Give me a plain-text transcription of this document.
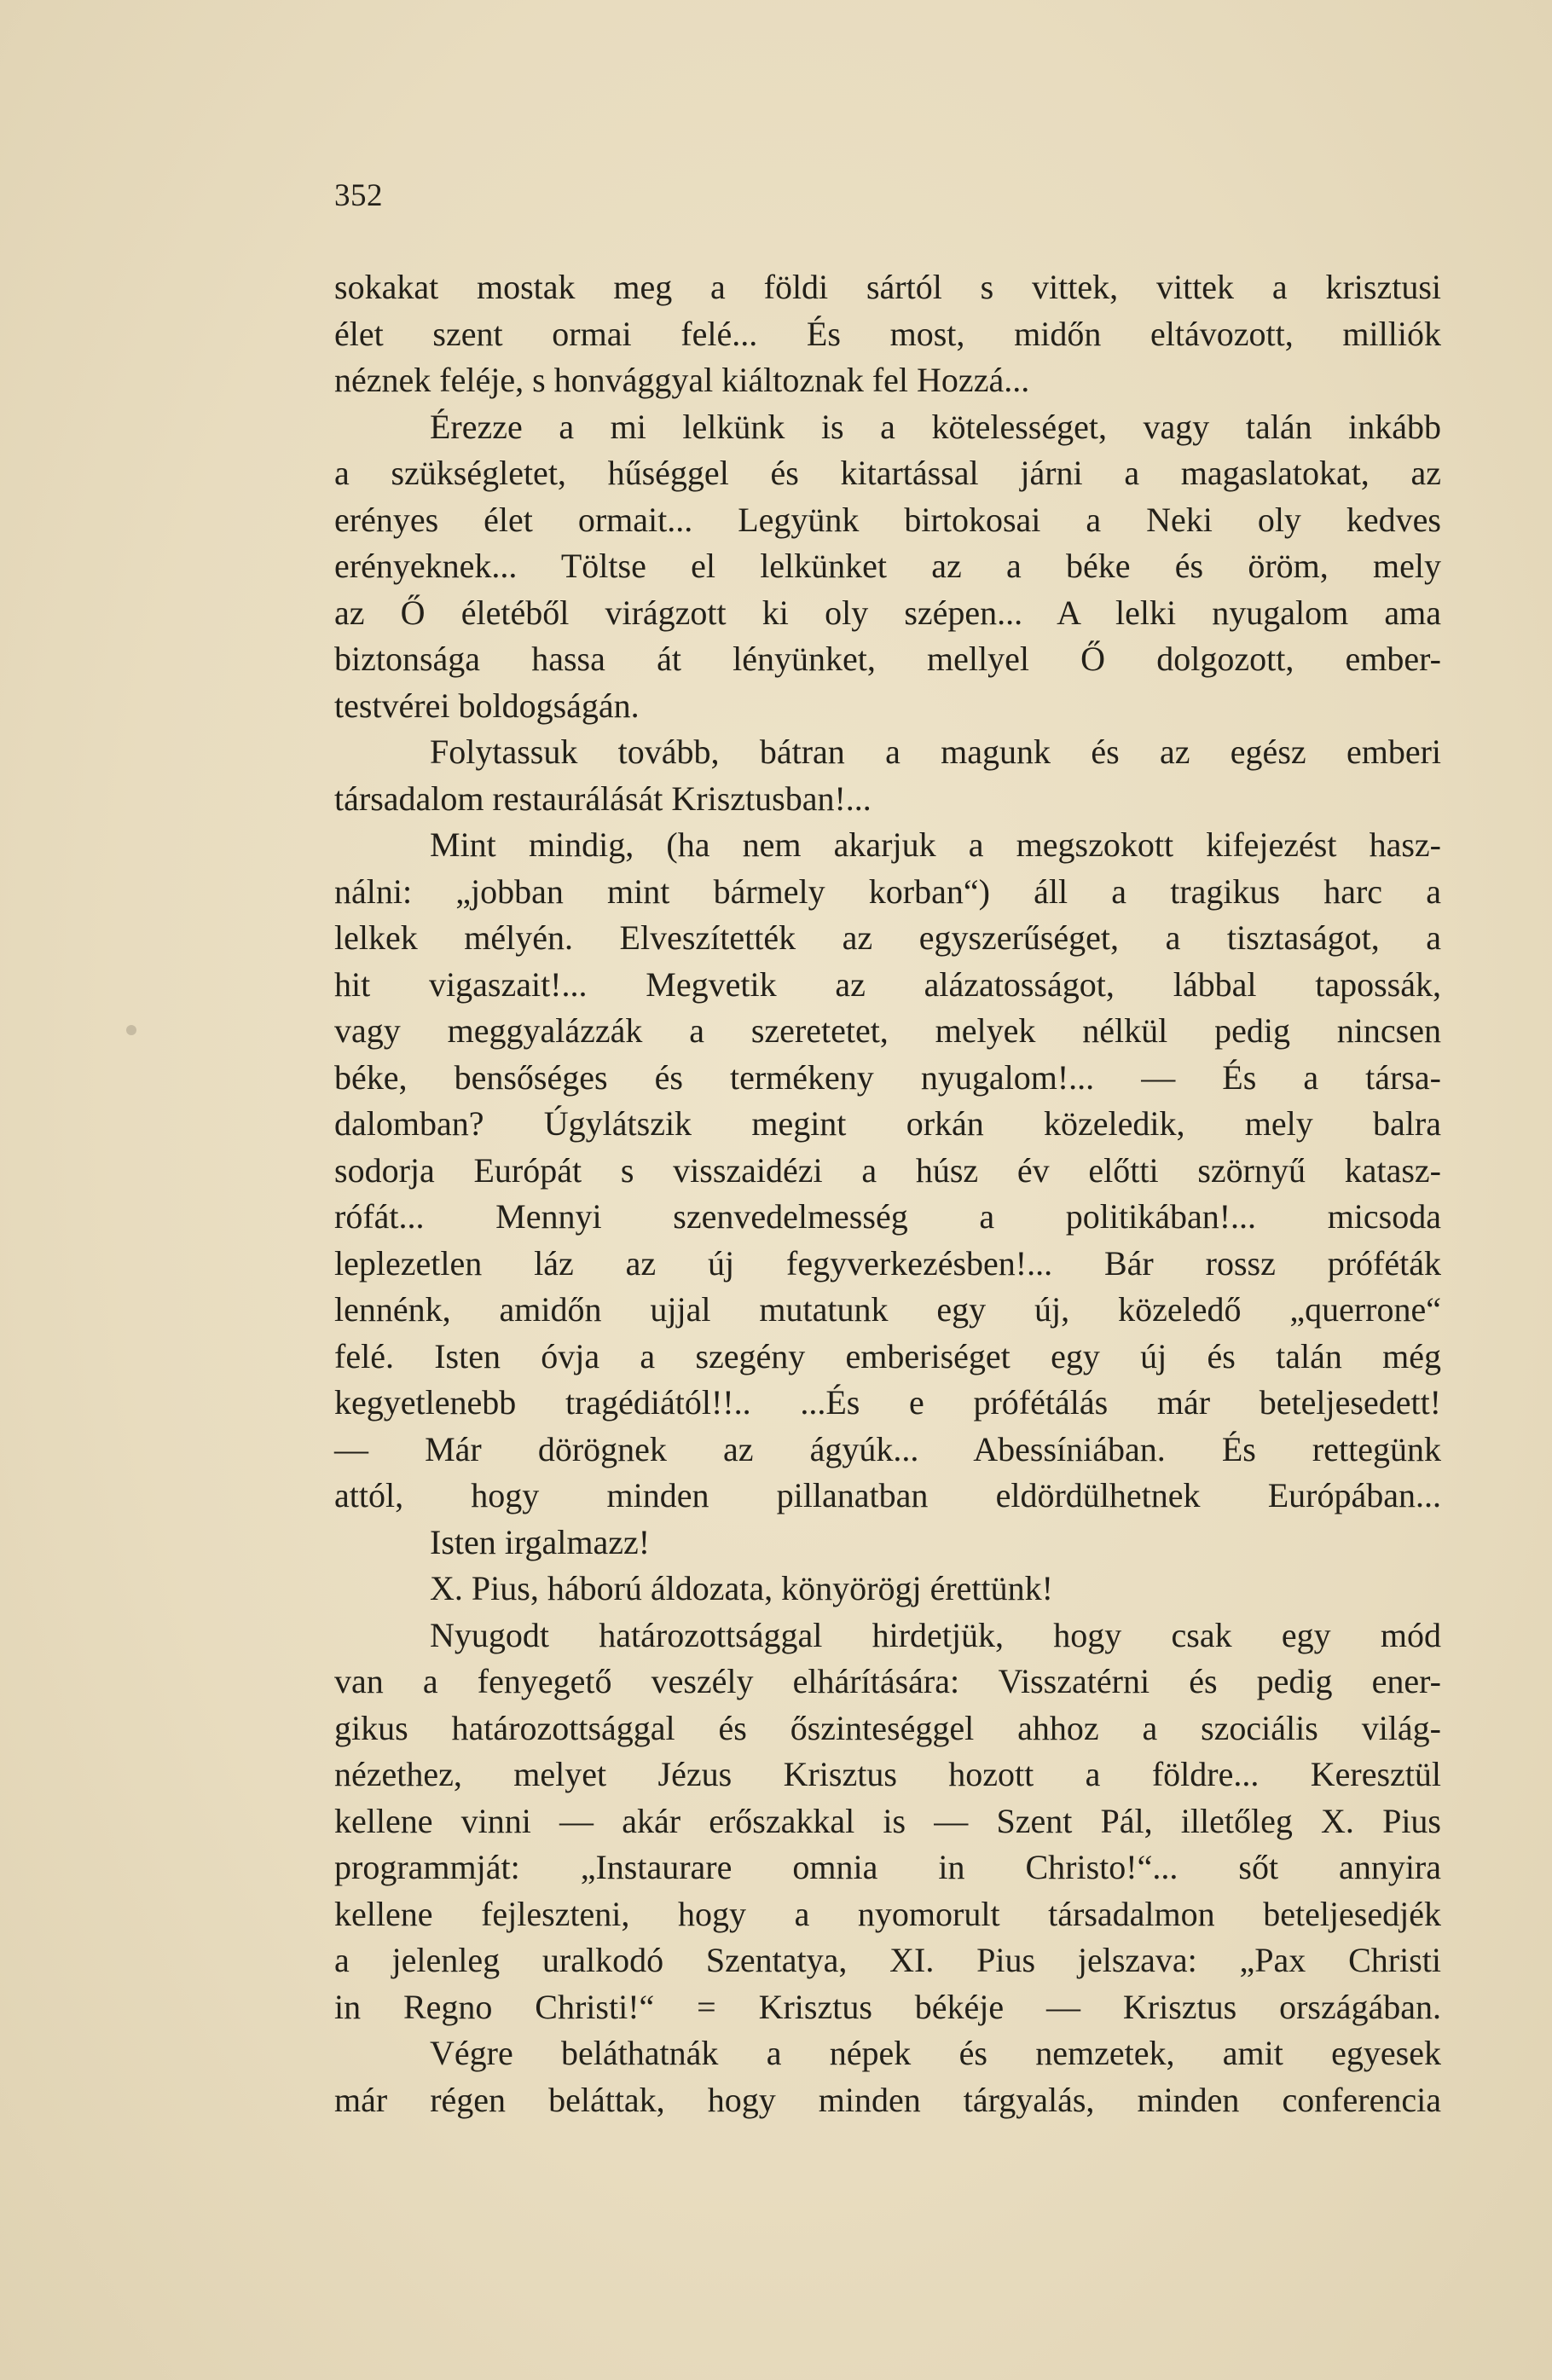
352
sokakat mostak meg a földi sártól s vittek, vittek a krisztusi
élet szent ormai felé... És most, midőn eltávozott, milliók
néznek feléje, s honvággyal kiáltoznak fel Hozzá...
Érezze a mi lelkünk is a kötelességet, vagy talán inkább
a szükségletet, hűséggel és kitartással járni a magaslatokat, az
erényes élet ormait... Legyünk birtokosai a Neki oly kedves
erényeknek... Töltse el lelkünket az a béke és öröm, mely
az Ő életéből virágzott ki oly szépen... A lelki nyugalom ama
biztonsága hassa át lényünket, mellyel Ő dolgozott, ember-
testvérei boldogságán.
Folytassuk tovább, bátran a magunk és az egész emberi
társadalom restaurálását Krisztusban!...
Mint mindig, (ha nem akarjuk a megszokott kifejezést hasz-
nálni: „jobban mint bármely korban“) áll a tragikus harc a
lelkek mélyén. Elveszítették az egyszerűséget, a tisztaságot, a
hit vigaszait!... Megvetik az alázatosságot, lábbal tapossák,
vagy meggyalázzák a szeretetet, melyek nélkül pedig nincsen
béke, bensőséges és termékeny nyugalom!... — És a társa-
dalomban? Úgylátszik megint orkán közeledik, mely balra
sodorja Európát s visszaidézi a húsz év előtti szörnyű katasz-
rófát... Mennyi szenvedelmesség a politikában!... micsoda
leplezetlen láz az új fegyverkezésben!... Bár rossz próféták
lennénk, amidőn ujjal mutatunk egy új, közeledő „querrone“
felé. Isten óvja a szegény emberiséget egy új és talán még
kegyetlenebb tragédiától!!.. ...És e prófétálás már beteljesedett!
— Már dörögnek az ágyúk... Abessíniában. És rettegünk
attól, hogy minden pillanatban eldördülhetnek Európában...
Isten irgalmazz!
X. Pius, háború áldozata, könyörögj érettünk!
Nyugodt határozottsággal hirdetjük, hogy csak egy mód
van a fenyegető veszély elhárítására: Visszatérni és pedig ener-
gikus határozottsággal és őszinteséggel ahhoz a szociális világ-
nézethez, melyet Jézus Krisztus hozott a földre... Keresztül
kellene vinni — akár erőszakkal is — Szent Pál, illetőleg X. Pius
programmját: „Instaurare omnia in Christo!“... sőt annyira
kellene fejleszteni, hogy a nyomorult társadalmon beteljesedjék
a jelenleg uralkodó Szentatya, XI. Pius jelszava: „Pax Christi
in Regno Christi!“ = Krisztus békéje — Krisztus országában.
Végre beláthatnák a népek és nemzetek, amit egyesek
már régen beláttak, hogy minden tárgyalás, minden conferencia
